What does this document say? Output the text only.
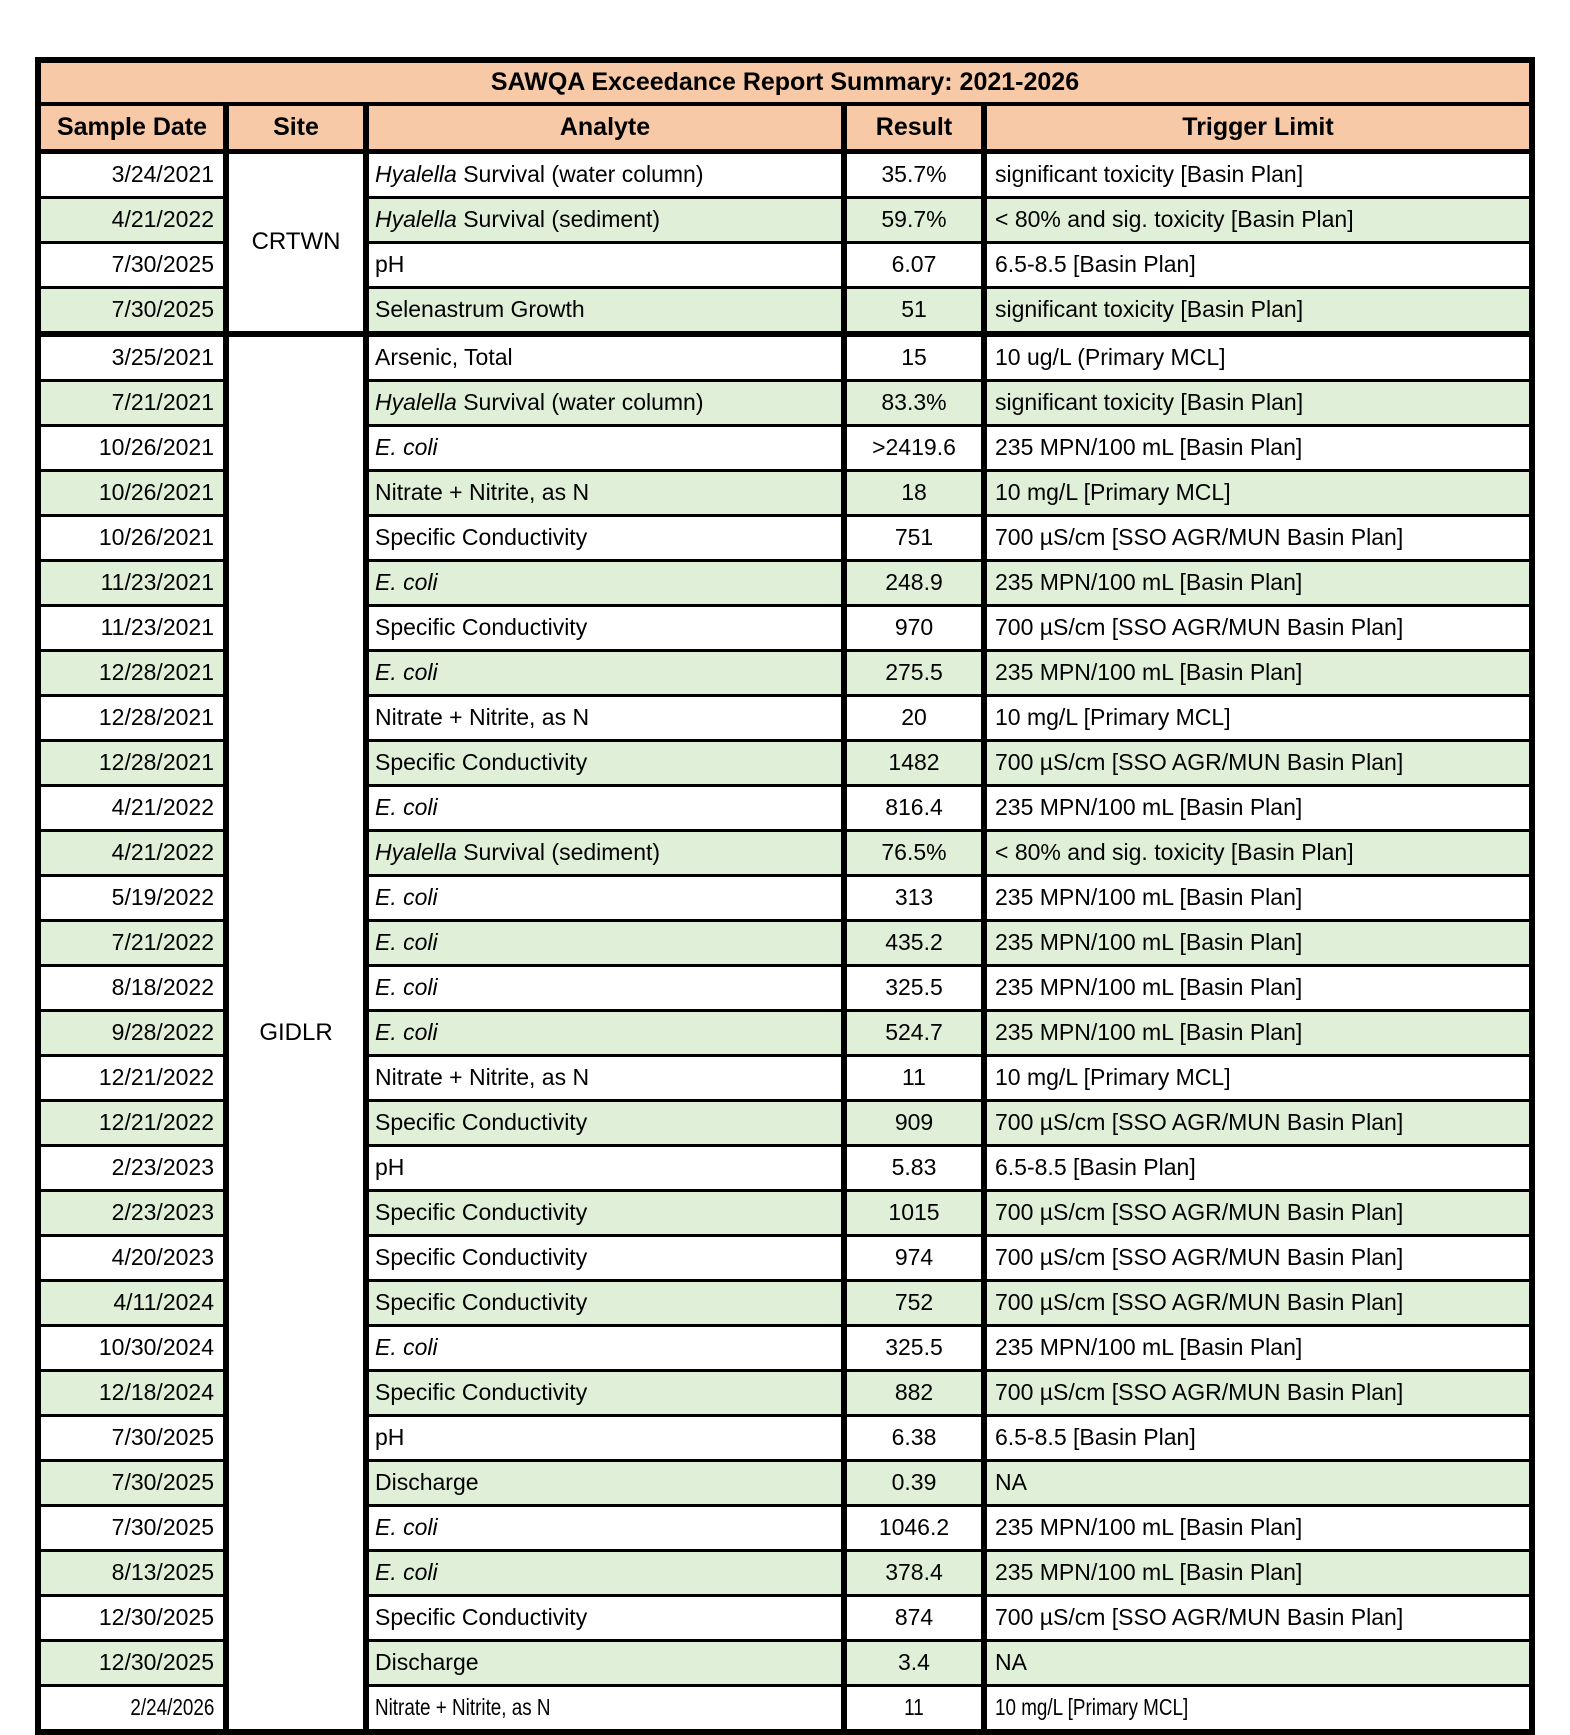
SAWQA Exceedance Report Summary: 2021-2026				
Sample Date	Site	Analyte	Result	Trigger Limit
3/24/2021	CRTWN	Hyalella Survival (water column)	35.7%	significant toxicity [Basin Plan]
4/21/2022		Hyalella Survival (sediment)	59.7%	< 80% and sig. toxicity [Basin Plan]
7/30/2025		pH	6.07	6.5-8.5 [Basin Plan]
7/30/2025		Selenastrum Growth	51	significant toxicity [Basin Plan]
3/25/2021	GIDLR	Arsenic, Total	15	10 ug/L (Primary MCL]
7/21/2021		Hyalella Survival (water column)	83.3%	significant toxicity [Basin Plan]
10/26/2021		E. coli	>2419.6	235 MPN/100 mL [Basin Plan]
10/26/2021		Nitrate + Nitrite, as N	18	10 mg/L [Primary MCL]
10/26/2021		Specific Conductivity	751	700 µS/cm [SSO AGR/MUN Basin Plan]
11/23/2021		E. coli	248.9	235 MPN/100 mL [Basin Plan]
11/23/2021		Specific Conductivity	970	700 µS/cm [SSO AGR/MUN Basin Plan]
12/28/2021		E. coli	275.5	235 MPN/100 mL [Basin Plan]
12/28/2021		Nitrate + Nitrite, as N	20	10 mg/L [Primary MCL]
12/28/2021		Specific Conductivity	1482	700 µS/cm [SSO AGR/MUN Basin Plan]
4/21/2022		E. coli	816.4	235 MPN/100 mL [Basin Plan]
4/21/2022		Hyalella Survival (sediment)	76.5%	< 80% and sig. toxicity [Basin Plan]
5/19/2022		E. coli	313	235 MPN/100 mL [Basin Plan]
7/21/2022		E. coli	435.2	235 MPN/100 mL [Basin Plan]
8/18/2022		E. coli	325.5	235 MPN/100 mL [Basin Plan]
9/28/2022		E. coli	524.7	235 MPN/100 mL [Basin Plan]
12/21/2022		Nitrate + Nitrite, as N	11	10 mg/L [Primary MCL]
12/21/2022		Specific Conductivity	909	700 µS/cm [SSO AGR/MUN Basin Plan]
2/23/2023		pH	5.83	6.5-8.5 [Basin Plan]
2/23/2023		Specific Conductivity	1015	700 µS/cm [SSO AGR/MUN Basin Plan]
4/20/2023		Specific Conductivity	974	700 µS/cm [SSO AGR/MUN Basin Plan]
4/11/2024		Specific Conductivity	752	700 µS/cm [SSO AGR/MUN Basin Plan]
10/30/2024		E. coli	325.5	235 MPN/100 mL [Basin Plan]
12/18/2024		Specific Conductivity	882	700 µS/cm [SSO AGR/MUN Basin Plan]
7/30/2025		pH	6.38	6.5-8.5 [Basin Plan]
7/30/2025		Discharge	0.39	NA
7/30/2025		E. coli	1046.2	235 MPN/100 mL [Basin Plan]
8/13/2025		E. coli	378.4	235 MPN/100 mL [Basin Plan]
12/30/2025		Specific Conductivity	874	700 µS/cm [SSO AGR/MUN Basin Plan]
12/30/2025		Discharge	3.4	NA
2/24/2026		Nitrate + Nitrite, as N	11	10 mg/L [Primary MCL]
